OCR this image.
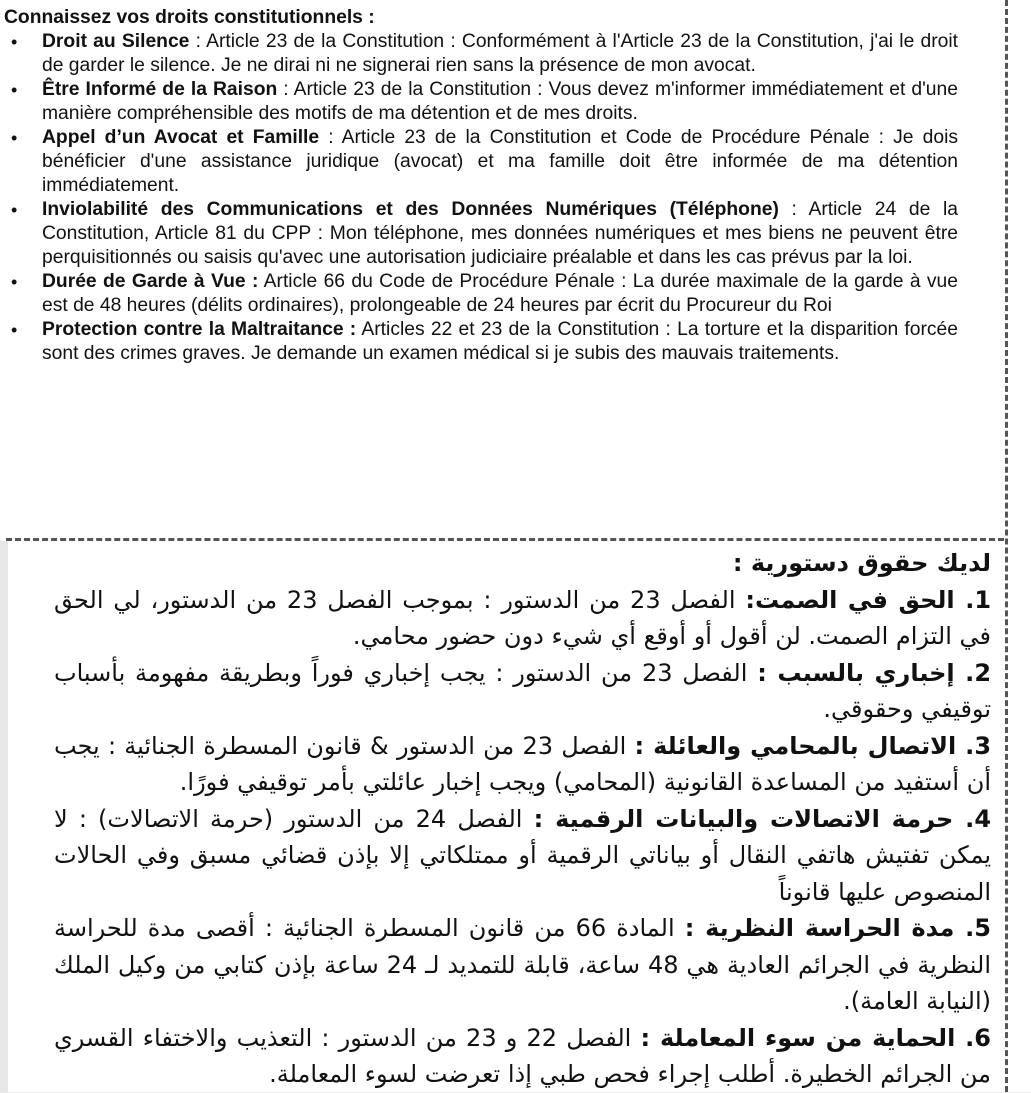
Connaissez vos droits constitutionnels :
• Droit au Silence : Article 23 de la Constitution : Conformément à l'Article 23 de la Constitution, j'ai le droit de garder le silence. Je ne dirai ni ne signerai rien sans la présence de mon avocat.
• Être Informé de la Raison : Article 23 de la Constitution : Vous devez m'informer immédiatement et d'une manière compréhensible des motifs de ma détention et de mes droits.
• Appel d’un Avocat et Famille : Article 23 de la Constitution et Code de Procédure Pénale : Je dois bénéficier d'une assistance juridique (avocat) et ma famille doit être informée de ma détention immédiatement.
• Inviolabilité des Communications et des Données Numériques (Téléphone) : Article 24 de la Constitution, Article 81 du CPP : Mon téléphone, mes données numériques et mes biens ne peuvent être perquisitionnés ou saisis qu'avec une autorisation judiciaire préalable et dans les cas prévus par la loi.
• Durée de Garde à Vue : Article 66 du Code de Procédure Pénale : La durée maximale de la garde à vue est de 48 heures (délits ordinaires), prolongeable de 24 heures par écrit du Procureur du Roi
• Protection contre la Maltraitance : Articles 22 et 23 de la Constitution : La torture et la disparition forcée sont des crimes graves. Je demande un examen médical si je subis des mauvais traitements.
لديك حقوق دستورية :

1. الحق في الصمت: الفصل 23 من الدستور : بموجب الفصل 23 من الدستور، لي الحق في التزام الصمت. لن أقول أو أوقع أي شيء دون حضور محامي.

2. إخباري بالسبب : الفصل 23 من الدستور : يجب إخباري فوراً وبطريقة مفهومة بأسباب توقيفي وحقوقي.

3. الاتصال بالمحامي والعائلة : الفصل 23 من الدستور & قانون المسطرة الجنائية : يجب أن أستفيد من المساعدة القانونية (المحامي) ويجب إخبار عائلتي بأمر توقيفي فورًا.

4. حرمة الاتصالات والبيانات الرقمية : الفصل 24 من الدستور (حرمة الاتصالات) : لا يمكن تفتيش هاتفي النقال أو بياناتي الرقمية أو ممتلكاتي إلا بإذن قضائي مسبق وفي الحالات المنصوص عليها قانوناً

5. مدة الحراسة النظرية : المادة 66 من قانون المسطرة الجنائية : أقصى مدة للحراسة النظرية في الجرائم العادية هي 48 ساعة، قابلة للتمديد لـ 24 ساعة بإذن كتابي من وكيل الملك (النيابة العامة).

6. الحماية من سوء المعاملة : الفصل 22 و 23 من الدستور : التعذيب والاختفاء القسري من الجرائم الخطيرة. أطلب إجراء فحص طبي إذا تعرضت لسوء المعاملة.
